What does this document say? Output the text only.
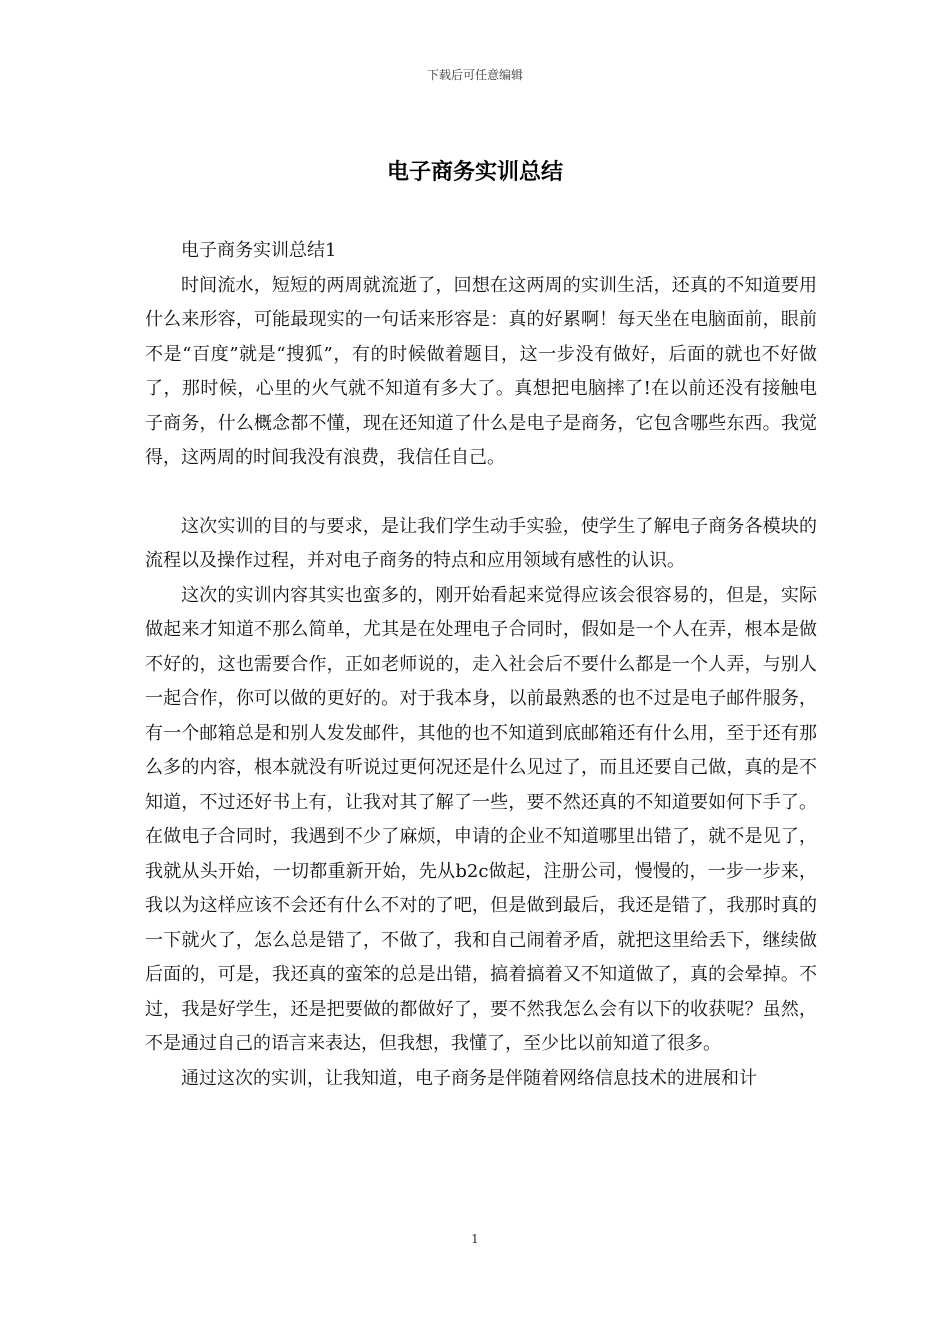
下载后可任意编辑
电子商务实训总结

电子商务实训总结1

时间流水，短短的两周就流逝了，回想在这两周的实训生活，还真的不知道要用什么来形容，可能最现实的一句话来形容是：真的好累啊！每天坐在电脑面前，眼前不是“百度”就是“搜狐”，有的时候做着题目，这一步没有做好，后面的就也不好做了，那时候，心里的火气就不知道有多大了。真想把电脑摔了!在以前还没有接触电子商务，什么概念都不懂，现在还知道了什么是电子是商务，它包含哪些东西。我觉得，这两周的时间我没有浪费，我信任自己。

这次实训的目的与要求，是让我们学生动手实验，使学生了解电子商务各模块的流程以及操作过程，并对电子商务的特点和应用领域有感性的认识。

这次的实训内容其实也蛮多的，刚开始看起来觉得应该会很容易的，但是，实际做起来才知道不那么简单，尤其是在处理电子合同时，假如是一个人在弄，根本是做不好的，这也需要合作，正如老师说的，走入社会后不要什么都是一个人弄，与别人一起合作，你可以做的更好的。对于我本身，以前最熟悉的也不过是电子邮件服务，有一个邮箱总是和别人发发邮件，其他的也不知道到底邮箱还有什么用，至于还有那么多的内容，根本就没有听说过更何况还是什么见过了，而且还要自己做，真的是不知道，不过还好书上有，让我对其了解了一些，要不然还真的不知道要如何下手了。在做电子合同时，我遇到不少了麻烦，申请的企业不知道哪里出错了，就不是见了，我就从头开始，一切都重新开始，先从b2c做起，注册公司，慢慢的，一步一步来，我以为这样应该不会还有什么不对的了吧，但是做到最后，我还是错了，我那时真的一下就火了，怎么总是错了，不做了，我和自己闹着矛盾，就把这里给丢下，继续做后面的，可是，我还真的蛮笨的总是出错，搞着搞着又不知道做了，真的会晕掉。不过，我是好学生，还是把要做的都做好了，要不然我怎么会有以下的收获呢？虽然，不是通过自己的语言来表达，但我想，我懂了，至少比以前知道了很多。

通过这次的实训，让我知道，电子商务是伴随着网络信息技术的进展和计

1
